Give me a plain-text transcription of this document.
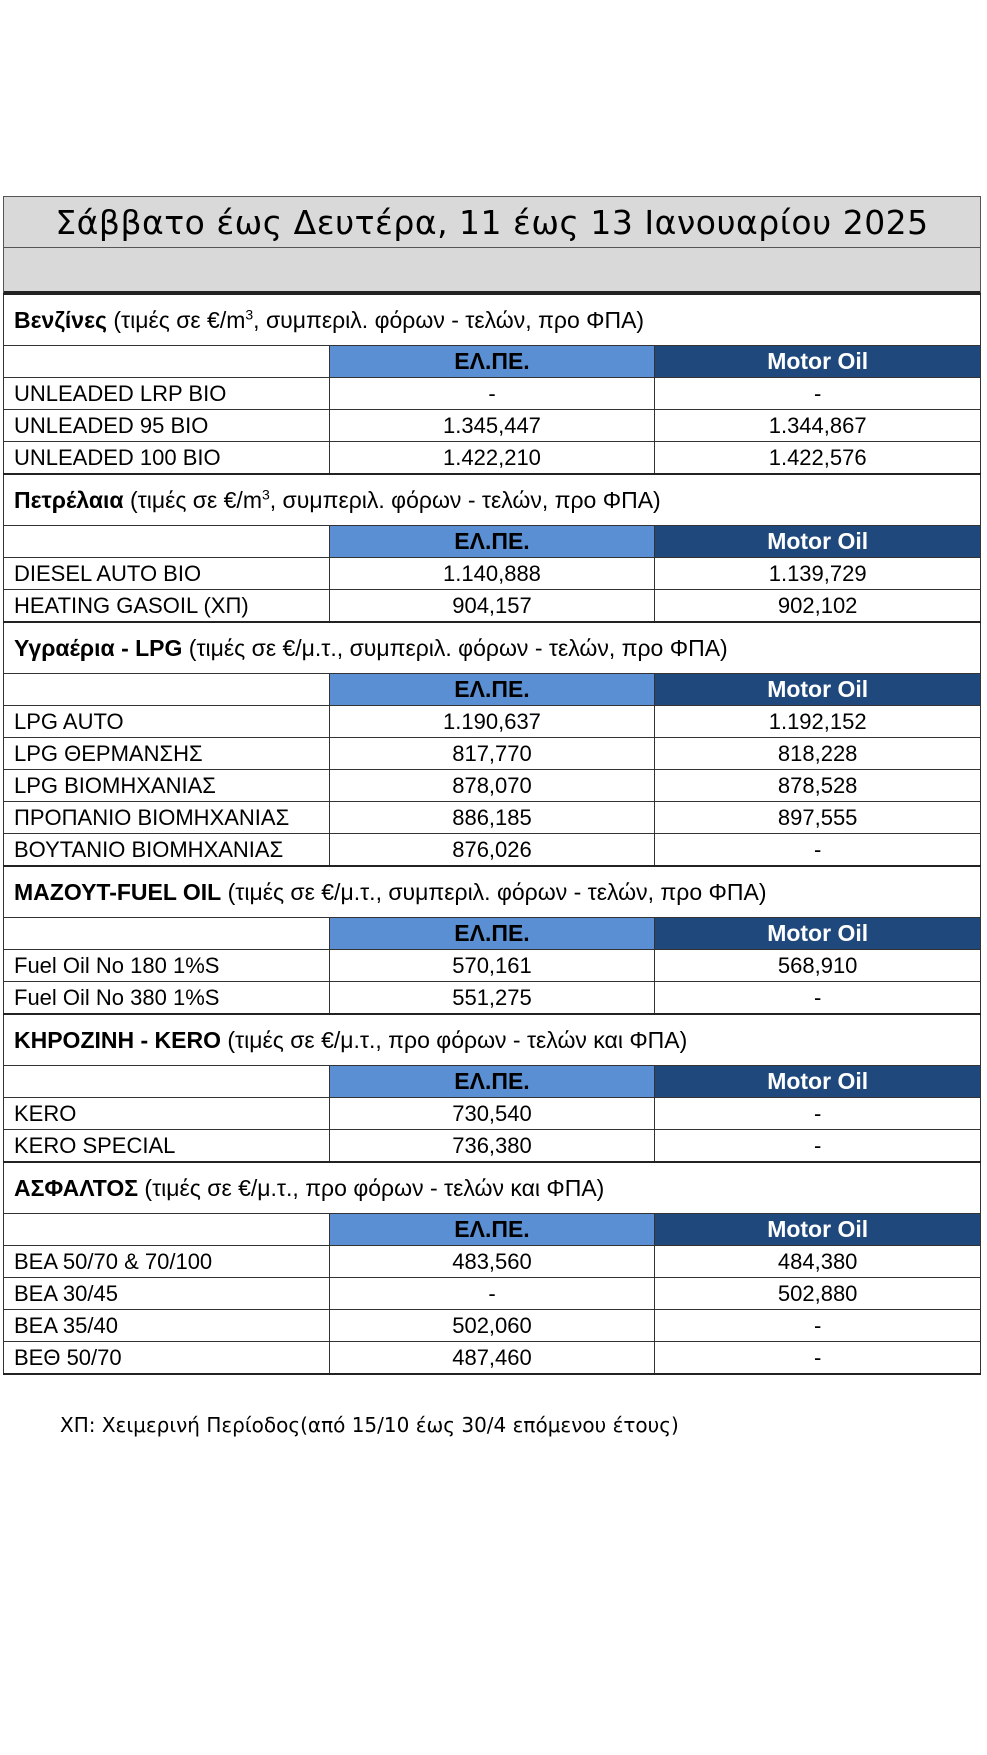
Σάββατο έως Δευτέρα, 11 έως 13 Ιανουαρίου 2025
Βενζίνες (τιμές σε $€/m^3$, συμπεριλ. φόρων - τελών, προ ΦΠΑ)		
	ΕΛ.ΠΕ.	Motor Oil
UNLEADED LRP BIO	-	-
UNLEADED 95 BIO	1.345,447	1.344,867
UNLEADED 100 BIO	1.422,210	1.422,576
Πετρέλαια (τιμές σε $€/m^3$, συμπεριλ. φόρων - τελών, προ ΦΠΑ)		
	ΕΛ.ΠΕ.	Motor Oil
DIESEL AUTO BIO	1.140,888	1.139,729
HEATING GASOIL (ΧΠ)	904,157	902,102
Υγραέρια - LPG (τιμές σε €/μ.τ., συμπεριλ. φόρων - τελών, προ ΦΠΑ)		
	ΕΛ.ΠΕ.	Motor Oil
LPG AUTO	1.190,637	1.192,152
LPG ΘΕΡΜΑΝΣΗΣ	817,770	818,228
LPG ΒΙΟΜΗΧΑΝΙΑΣ	878,070	878,528
ΠΡΟΠΑΝΙΟ ΒΙΟΜΗΧΑΝΙΑΣ	886,185	897,555
ΒΟΥΤΑΝΙΟ ΒΙΟΜΗΧΑΝΙΑΣ	876,026	-
ΜΑΖΟΥΤ-FUEL OIL (τιμές σε €/μ.τ., συμπεριλ. φόρων - τελών, προ ΦΠΑ)		
	ΕΛ.ΠΕ.	Motor Oil
Fuel Oil No 180 1%S	570,161	568,910
Fuel Oil No 380 1%S	551,275	-
ΚΗΡΟΖΙΝΗ - KERO (τιμές σε €/μ.τ., προ φόρων - τελών και ΦΠΑ)		
	ΕΛ.ΠΕ.	Motor Oil
KERO	730,540	-
KERO SPECIAL	736,380	-
ΑΣΦΑΛΤΟΣ (τιμές σε €/μ.τ., προ φόρων - τελών και ΦΠΑ)		
	ΕΛ.ΠΕ.	Motor Oil
ΒΕΑ 50/70 & 70/100	483,560	484,380
ΒΕΑ 30/45	-	502,880
ΒΕΑ 35/40	502,060	-
ΒΕΘ 50/70	487,460	-
ΧΠ: Χειμερινή Περίοδος(από 15/10 έως 30/4 επόμενου έτους)
